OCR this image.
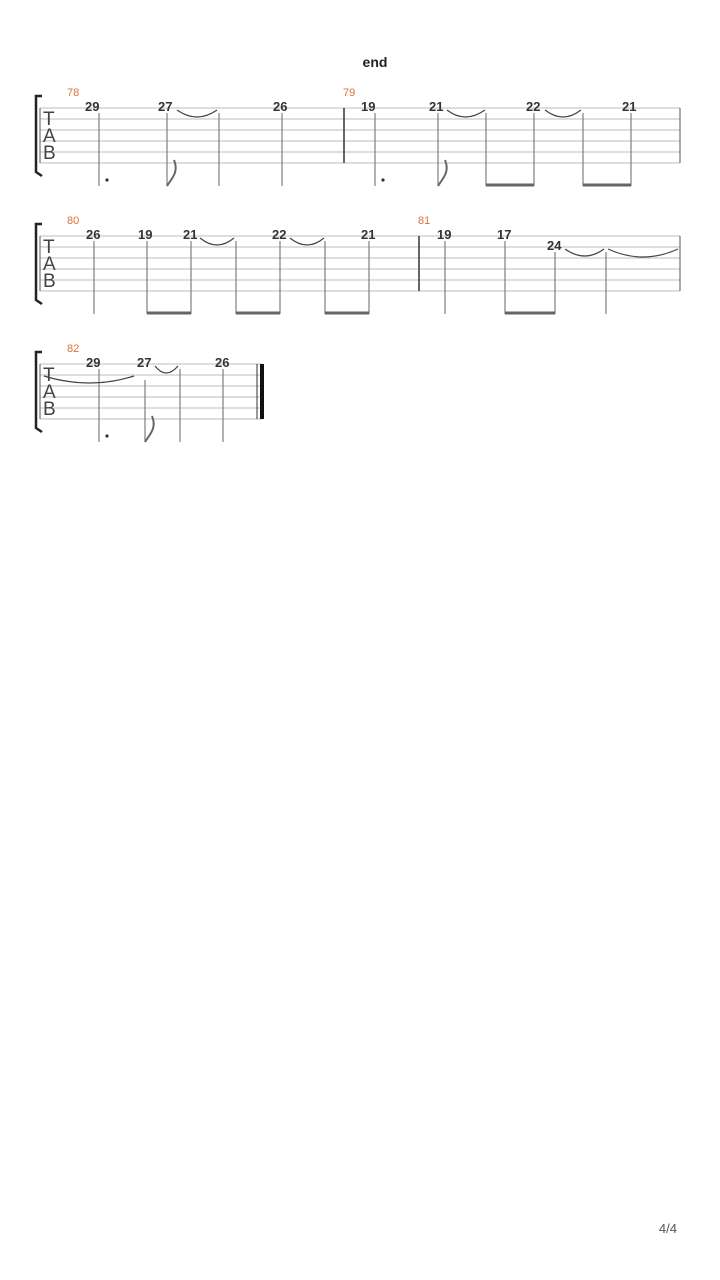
end
T
A
B
78	79
29	27	26	19	21	22	21
T
A
B
80	81
26	19 21	22	21	19	17
24
T
A
B
82
29	27	26
4/4
